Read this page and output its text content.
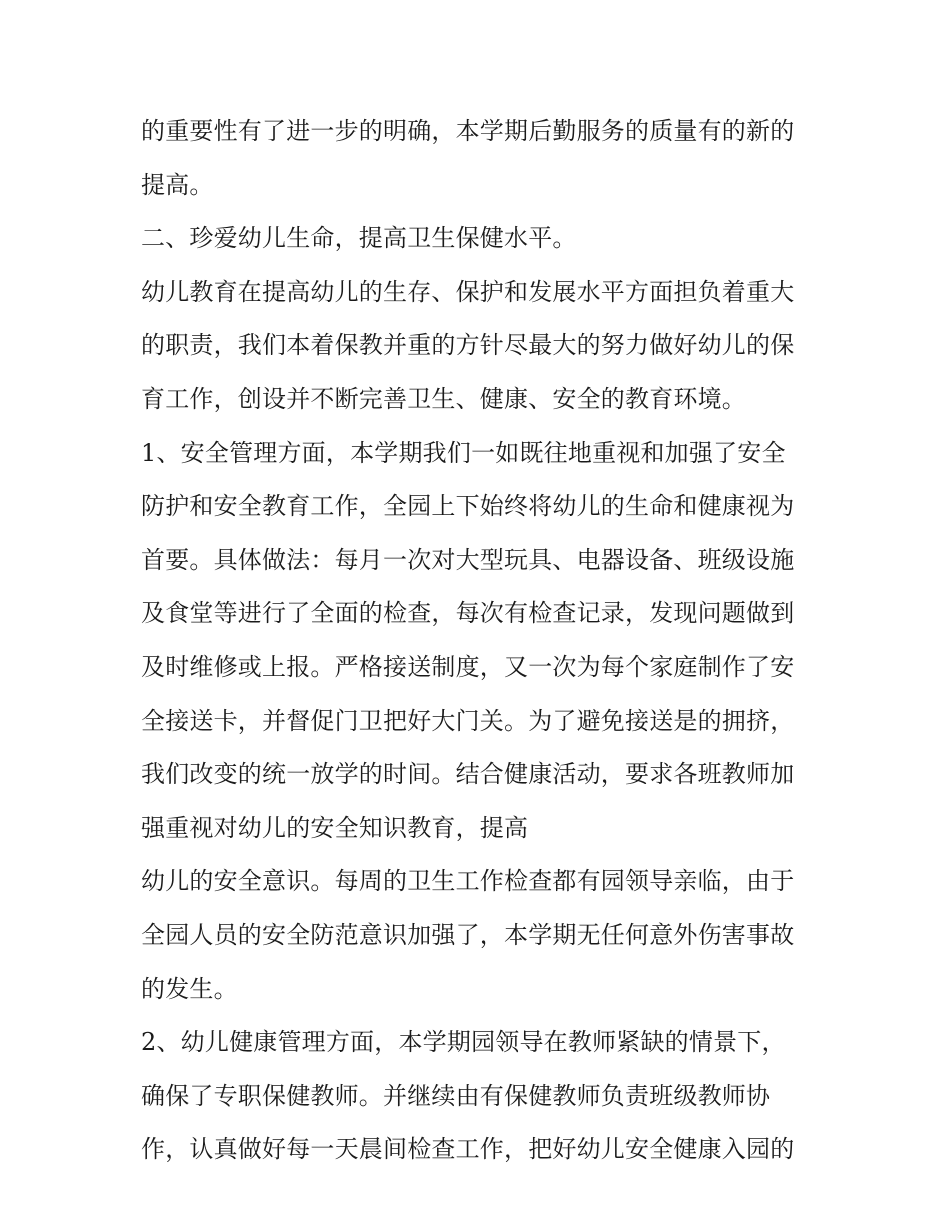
的重要性有了进一步的明确，本学期后勤服务的质量有的新的
提高。
二、珍爱幼儿生命，提高卫生保健水平。
幼儿教育在提高幼儿的生存、保护和发展水平方面担负着重大
的职责，我们本着保教并重的方针尽最大的努力做好幼儿的保
育工作，创设并不断完善卫生、健康、安全的教育环境。
1、安全管理方面，本学期我们一如既往地重视和加强了安全
防护和安全教育工作，全园上下始终将幼儿的生命和健康视为
首要。具体做法：每月一次对大型玩具、电器设备、班级设施
及食堂等进行了全面的检查，每次有检查记录，发现问题做到
及时维修或上报。严格接送制度，又一次为每个家庭制作了安
全接送卡，并督促门卫把好大门关。为了避免接送是的拥挤，
我们改变的统一放学的时间。结合健康活动，要求各班教师加
强重视对幼儿的安全知识教育，提高
幼儿的安全意识。每周的卫生工作检查都有园领导亲临，由于
全园人员的安全防范意识加强了，本学期无任何意外伤害事故
的发生。
2、幼儿健康管理方面，本学期园领导在教师紧缺的情景下，
确保了专职保健教师。并继续由有保健教师负责班级教师协
作，认真做好每一天晨间检查工作，把好幼儿安全健康入园的
